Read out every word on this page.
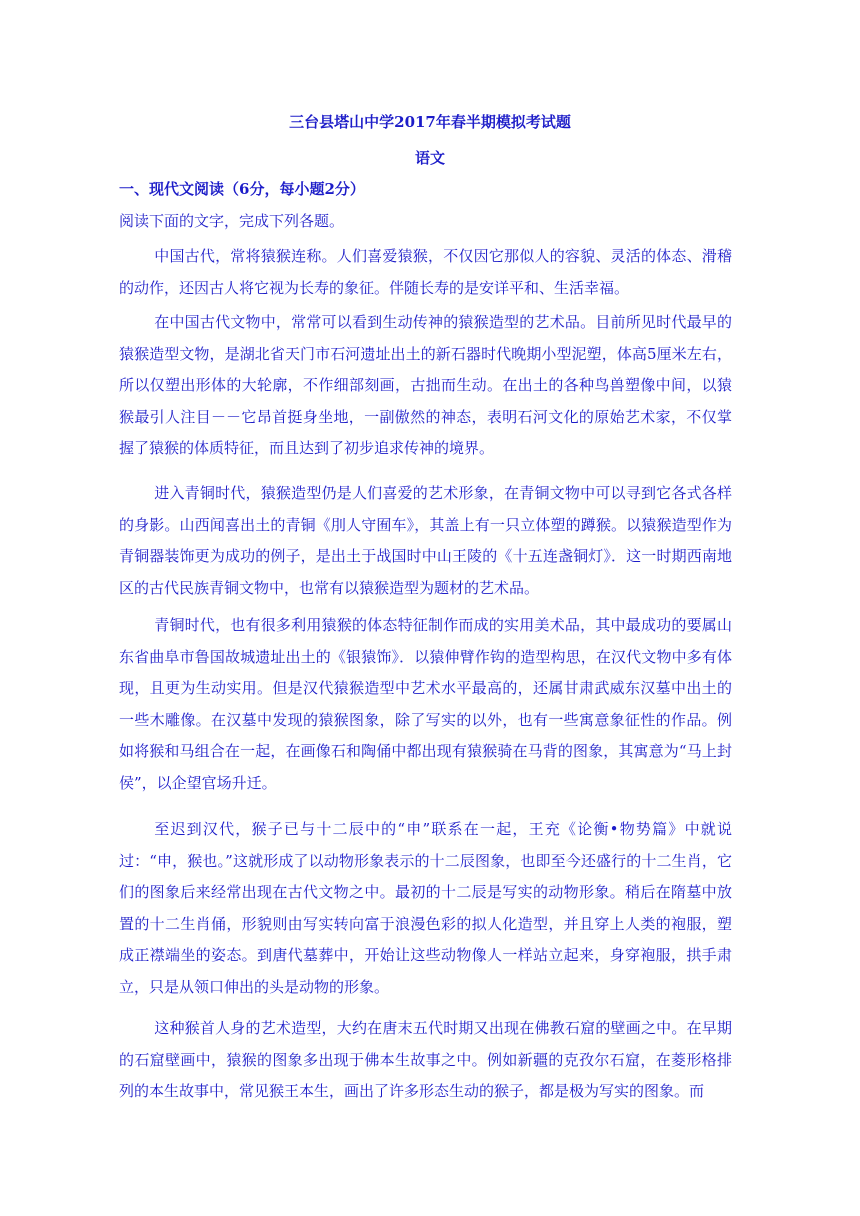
三台县塔山中学2017年春半期模拟考试题
语文
一、现代文阅读（6分，每小题2分）
阅读下面的文字，完成下列各题。

中国古代，常将猿猴连称。人们喜爱猿猴，不仅因它那似人的容貌、灵活的体态、滑稽的动作，还因古人将它视为长寿的象征。伴随长寿的是安详平和、生活幸福。

在中国古代文物中，常常可以看到生动传神的猿猴造型的艺术品。目前所见时代最早的猿猴造型文物，是湖北省天门市石河遗址出土的新石器时代晚期小型泥塑，体高5厘米左右，所以仅塑出形体的大轮廓，不作细部刻画，古拙而生动。在出土的各种鸟兽塑像中间，以猿猴最引人注目－－它昂首挺身坐地，一副傲然的神态，表明石河文化的原始艺术家，不仅掌握了猿猴的体质特征，而且达到了初步追求传神的境界。

进入青铜时代，猿猴造型仍是人们喜爱的艺术形象，在青铜文物中可以寻到它各式各样的身影。山西闻喜出土的青铜《刖人守囿车》，其盖上有一只立体塑的蹲猴。以猿猴造型作为青铜器装饰更为成功的例子，是出土于战国时中山王陵的《十五连盏铜灯》．这一时期西南地区的古代民族青铜文物中，也常有以猿猴造型为题材的艺术品。

青铜时代，也有很多利用猿猴的体态特征制作而成的实用美术品，其中最成功的要属山东省曲阜市鲁国故城遗址出土的《银猿饰》．以猿伸臂作钩的造型构思，在汉代文物中多有体现，且更为生动实用。但是汉代猿猴造型中艺术水平最高的，还属甘肃武威东汉墓中出土的一些木雕像。在汉墓中发现的猿猴图象，除了写实的以外，也有一些寓意象征性的作品。例如将猴和马组合在一起，在画像石和陶俑中都出现有猿猴骑在马背的图象，其寓意为“马上封侯”，以企望官场升迁。

至迟到汉代，猴子已与十二辰中的“申”联系在一起，王充《论衡•物势篇》中就说过：“申，猴也。”这就形成了以动物形象表示的十二辰图象，也即至今还盛行的十二生肖，它们的图象后来经常出现在古代文物之中。最初的十二辰是写实的动物形象。稍后在隋墓中放置的十二生肖俑，形貌则由写实转向富于浪漫色彩的拟人化造型，并且穿上人类的袍服，塑成正襟端坐的姿态。到唐代墓葬中，开始让这些动物像人一样站立起来，身穿袍服，拱手肃立，只是从领口伸出的头是动物的形象。

这种猴首人身的艺术造型，大约在唐末五代时期又出现在佛教石窟的壁画之中。在早期的石窟壁画中，猿猴的图象多出现于佛本生故事之中。例如新疆的克孜尔石窟，在菱形格排列的本生故事中，常见猴王本生，画出了许多形态生动的猴子，都是极为写实的图象。而
